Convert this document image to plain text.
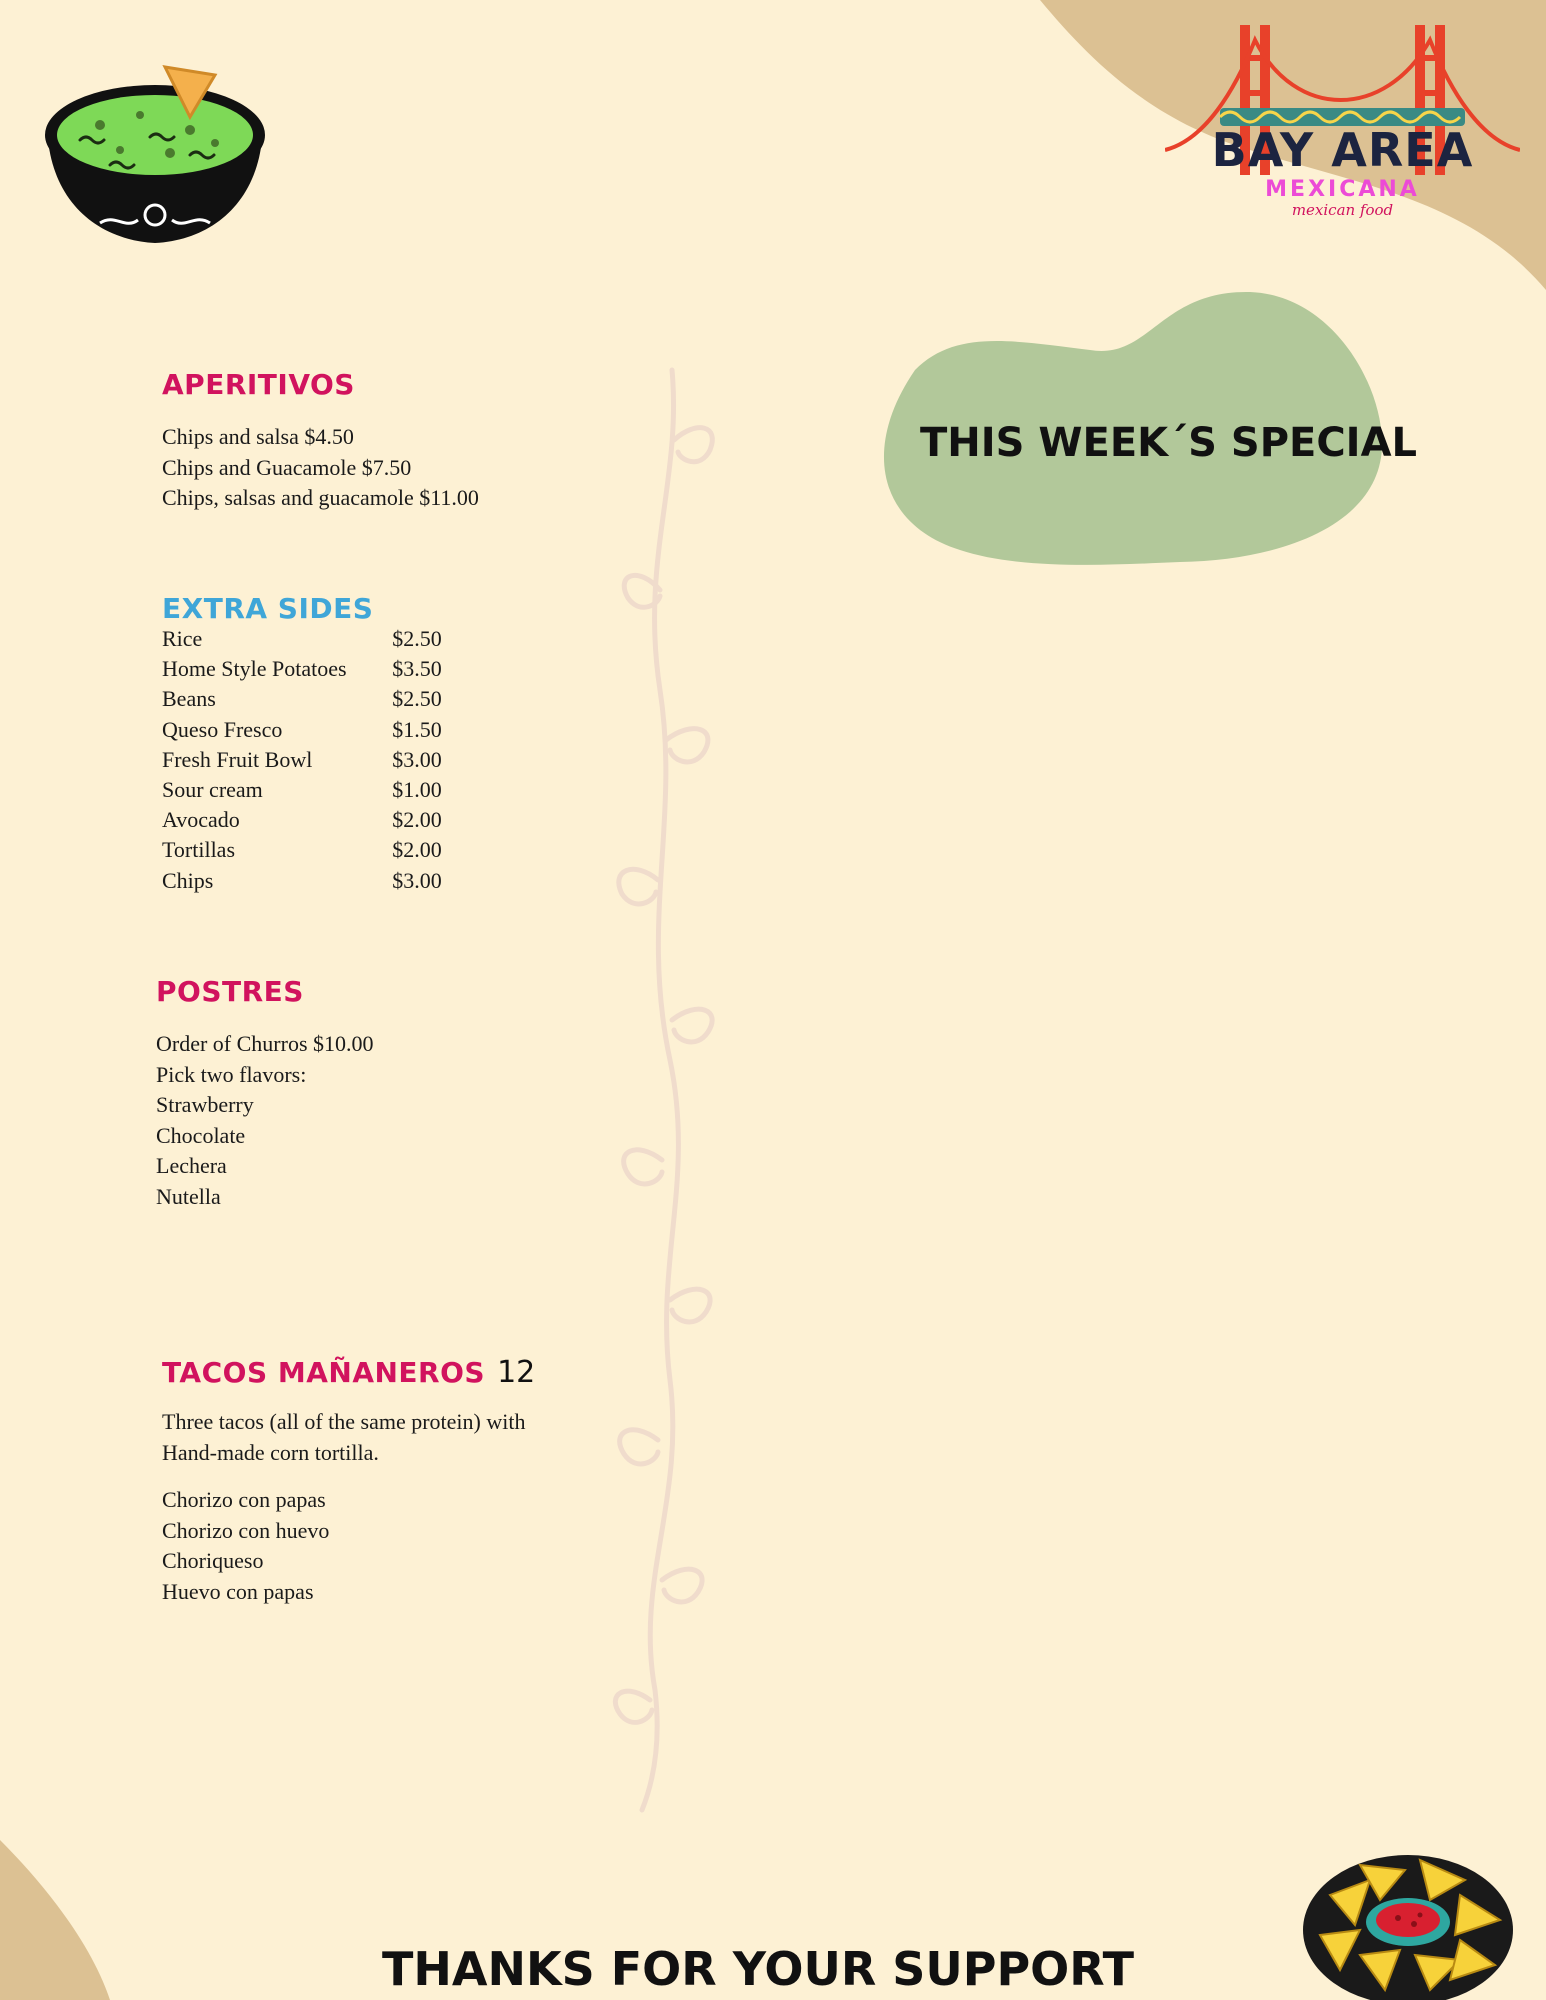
BAY AREA
MEXICANA
mexican food
THIS WEEK´S SPECIAL
APERITIVOS
Chips and salsa $4.50
Chips and Guacamole $7.50
Chips, salsas and guacamole $11.00
EXTRA SIDES
Rice	$2.50
Home Style Potatoes	$3.50
Beans	$2.50
Queso Fresco	$1.50
Fresh Fruit Bowl	$3.00
Sour cream	$1.00
Avocado	$2.00
Tortillas	$2.00
Chips	$3.00
POSTRES
Order of Churros $10.00
Pick two flavors:
Strawberry
Chocolate
Lechera
Nutella
TACOS MAÑANEROS 12
Three tacos (all of the same protein) with
Hand-made corn tortilla.
Chorizo con papas
Chorizo con huevo
Choriqueso
Huevo con papas
THANKS FOR YOUR SUPPORT
